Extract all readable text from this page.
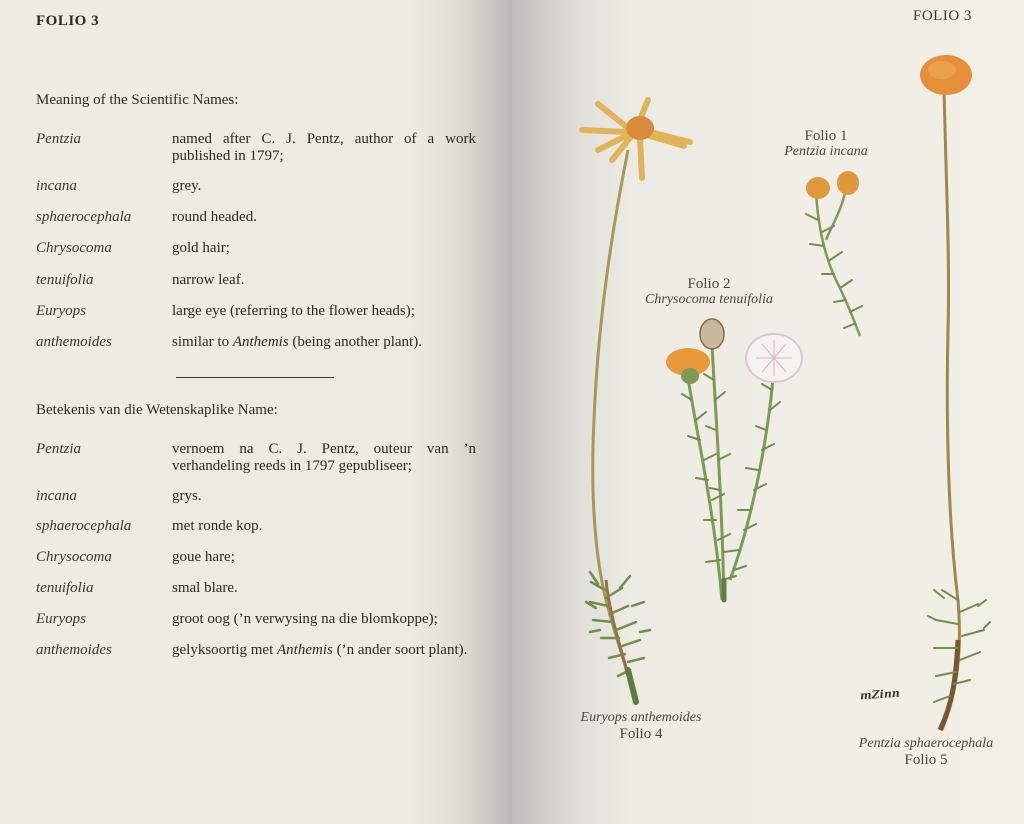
FOLIO 3
Meaning of the Scientific Names:
Pentzia	named after C. J. Pentz, author of a work published in 1797;
incana	grey.
sphaerocephala	round headed.
Chrysocoma	gold hair;
tenuifolia	narrow leaf.
Euryops	large eye (referring to the flower heads);
anthemoides	similar to Anthemis (being another plant).
Betekenis van die Wetenskaplike Name:
Pentzia	vernoem na C. J. Pentz, outeur van ’n verhandeling reeds in 1797 gepubliseer;
incana	grys.
sphaerocephala	met ronde kop.
Chrysocoma	goue hare;
tenuifolia	smal blare.
Euryops	groot oog (’n verwysing na die blomkoppe);
anthemoides	gelyksoortig met Anthemis (’n ander soort plant).
FOLIO 3
Folio 1
Pentzia incana
Folio 2
Chrysocoma tenuifolia
Euryops anthemoides
Folio 4
Pentzia sphaerocephala
Folio 5
mZinn
